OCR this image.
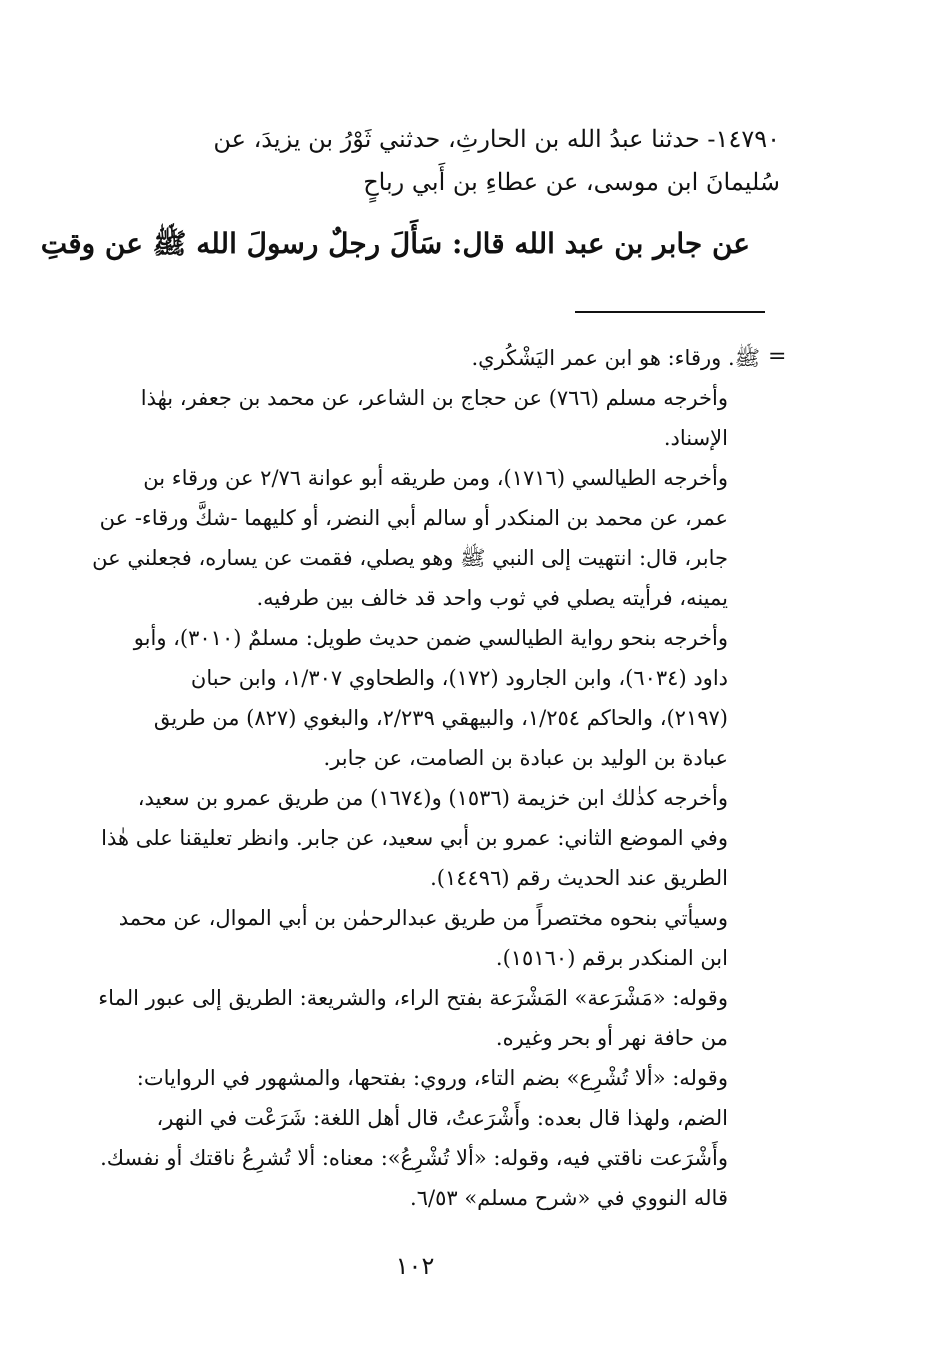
١٤٧٩٠- حدثنا عبدُ الله بن الحارثِ، حدثني ثَوْرُ بن يزيدَ، عن
سُليمانَ ابن موسى، عن عطاءِ بن أَبي رباحٍ
عن جابر بن عبد الله قال: سَأَلَ رجلٌ رسولَ الله ﷺ عن وقتِ
=
ﷺ. ورقاء: هو ابن عمر اليَشْكُري.

وأخرجه مسلم (٧٦٦) عن حجاج بن الشاعر، عن محمد بن جعفر، بهٰذا
الإسناد.

وأخرجه الطيالسي (١٧١٦)، ومن طريقه أبو عوانة ٢/٧٦ عن ورقاء بن
عمر، عن محمد بن المنكدر أو سالم أبي النضر، أو كليهما -شكَّ ورقاء- عن
جابر، قال: انتهيت إلى النبي ﷺ وهو يصلي، فقمت عن يساره، فجعلني عن
يمينه، فرأيته يصلي في ثوب واحد قد خالف بين طرفيه.

وأخرجه بنحو رواية الطيالسي ضمن حديث طويل: مسلمٌ (٣٠١٠)، وأبو
داود (٦٠٣٤)، وابن الجارود (١٧٢)، والطحاوي ١/٣٠٧، وابن حبان
(٢١٩٧)، والحاكم ١/٢٥٤، والبيهقي ٢/٢٣٩، والبغوي (٨٢٧) من طريق
عبادة بن الوليد بن عبادة بن الصامت، عن جابر.

وأخرجه كذٰلك ابن خزيمة (١٥٣٦) و(١٦٧٤) من طريق عمرو بن سعيد،
وفي الموضع الثاني: عمرو بن أبي سعيد، عن جابر. وانظر تعليقنا على هٰذا
الطريق عند الحديث رقم (١٤٤٩٦).

وسيأتي بنحوه مختصراً من طريق عبدالرحمٰن بن أبي الموال، عن محمد
ابن المنكدر برقم (١٥١٦٠).

وقوله: «مَشْرَعة» المَشْرَعة بفتح الراء، والشريعة: الطريق إلى عبور الماء
من حافة نهر أو بحر وغيره.

وقوله: «ألا تُشْرِع» بضم التاء، وروي: بفتحها، والمشهور في الروايات:
الضم، ولهذا قال بعده: وأَشْرَعتُ، قال أهل اللغة: شَرَعْت في النهر،
وأَشْرَعت ناقتي فيه، وقوله: «ألا تُشْرِعُ»: معناه: ألا تُشرِعُ ناقتك أو نفسك.
قاله النووي في «شرح مسلم» ٦/٥٣.

١٠٢
